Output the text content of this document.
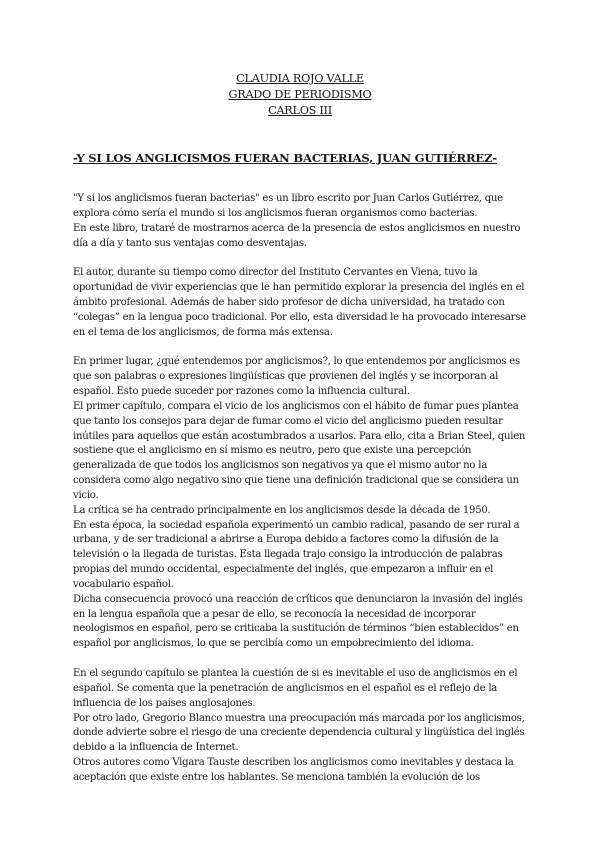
CLAUDIA ROJO VALLE
GRADO DE PERIODISMO
CARLOS III
-Y SI LOS ANGLICISMOS FUERAN BACTERIAS, JUAN GUTIÉRREZ-

"Y si los anglicismos fueran bacterias" es un libro escrito por Juan Carlos Gutiérrez, que

explora cómo sería el mundo si los anglicismos fueran organismos como bacterias.

En este libro, trataré de mostrarnos acerca de la presencia de estos anglicismos en nuestro

día a día y tanto sus ventajas como desventajas.

El autor, durante su tiempo como director del Instituto Cervantes en Viena, tuvo la

oportunidad de vivir experiencias que le han permitido explorar la presencia del inglés en el

ámbito profesional. Además de haber sido profesor de dicha universidad, ha tratado con

“colegas” en la lengua poco tradicional. Por ello, esta diversidad le ha provocado interesarse

en el tema de los anglicismos, de forma más extensa.

En primer lugar, ¿qué entendemos por anglicismos?, lo que entendemos por anglicismos es

que son palabras o expresiones lingüísticas que provienen del inglés y se incorporan al

español. Esto puede suceder por razones como la influencia cultural.

El primer capítulo, compara el vicio de los anglicismos con el hábito de fumar pues plantea

que tanto los consejos para dejar de fumar como el vicio del anglicismo pueden resultar

inútiles para aquellos que están acostumbrados a usarlos. Para ello, cita a Brian Steel, quien

sostiene que el anglicismo en sí mismo es neutro, pero que existe una percepción

generalizada de que todos los anglicismos son negativos ya que el mismo autor no la

considera como algo negativo sino que tiene una definición tradicional que se considera un

vicio.

La crítica se ha centrado principalmente en los anglicismos desde la década de 1950.

En esta época, la sociedad española experimentó un cambio radical, pasando de ser rural a

urbana, y de ser tradicional a abrirse a Europa debido a factores como la difusión de la

televisión o la llegada de turistas. Esta llegada trajo consigo la introducción de palabras

propias del mundo occidental, especialmente del inglés, que empezaron a influir en el

vocabulario español.

Dicha consecuencia provocó una reacción de críticos que denunciaron la invasión del inglés

en la lengua española que a pesar de ello, se reconocía la necesidad de incorporar

neologismos en español, pero se criticaba la sustitución de términos “bien establecidos” en

español por anglicismos, lo que se percibía como un empobrecimiento del idioma.

En el segundo capítulo se plantea la cuestión de si es inevitable el uso de anglicismos en el

español. Se comenta que la penetración de anglicismos en el español es el reflejo de la

influencia de los países anglosajones.

Por otro lado, Gregorio Blanco muestra una preocupación más marcada por los anglicismos,

donde advierte sobre el riesgo de una creciente dependencia cultural y lingüística del inglés

debido a la influencia de Internet.

Otros autores como Vigara Tauste describen los anglicismos como inevitables y destaca la

aceptación que existe entre los hablantes. Se menciona también la evolución de los
